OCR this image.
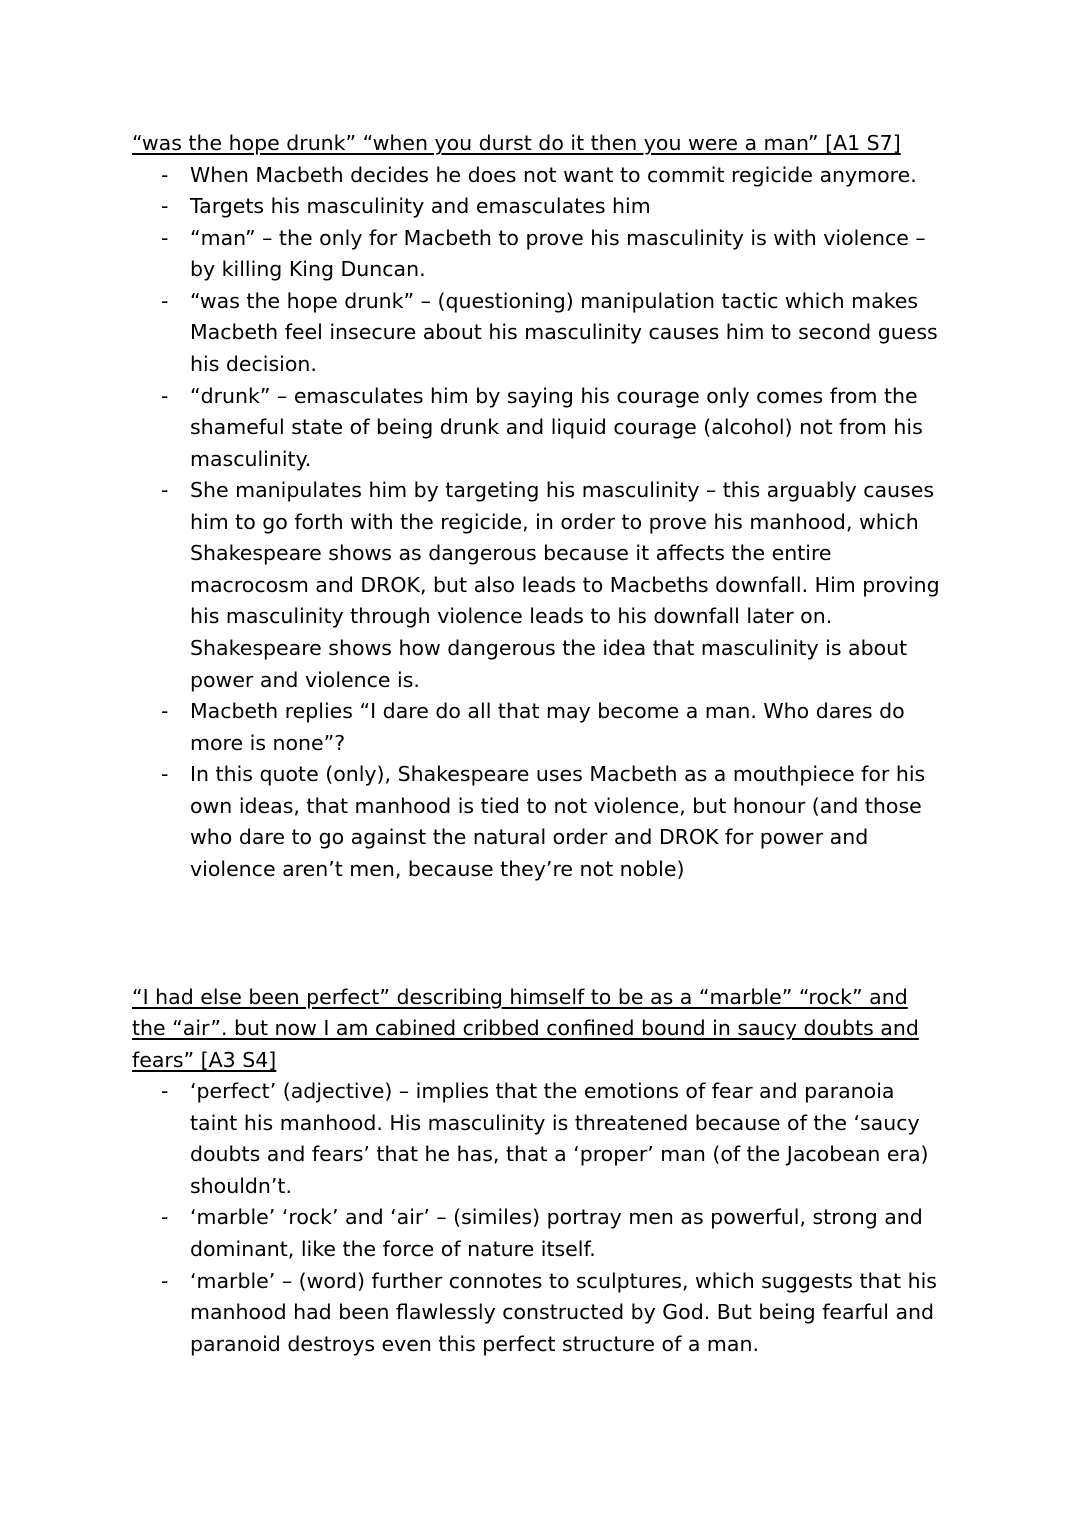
“was the hope drunk” “when you durst do it then you were a man” [A1 S7]

- When Macbeth decides he does not want to commit regicide anymore.
- Targets his masculinity and emasculates him
- “man” – the only for Macbeth to prove his masculinity is with violence – by killing King Duncan.
- “was the hope drunk” – (questioning) manipulation tactic which makes Macbeth feel insecure about his masculinity causes him to second guess his decision.
- “drunk” – emasculates him by saying his courage only comes from the shameful state of being drunk and liquid courage (alcohol) not from his masculinity.
- She manipulates him by targeting his masculinity – this arguably causes him to go forth with the regicide, in order to prove his manhood, which Shakespeare shows as dangerous because it affects the entire macrocosm and DROK, but also leads to Macbeths downfall. Him proving his masculinity through violence leads to his downfall later on. Shakespeare shows how dangerous the idea that masculinity is about power and violence is.
- Macbeth replies “I dare do all that may become a man. Who dares do more is none”?
- In this quote (only), Shakespeare uses Macbeth as a mouthpiece for his own ideas, that manhood is tied to not violence, but honour (and those who dare to go against the natural order and DROK for power and violence aren’t men, because they’re not noble)

“I had else been perfect” describing himself to be as a “marble” “rock” and the “air”. but now I am cabined cribbed confined bound in saucy doubts and fears” [A3 S4]

- ‘perfect’ (adjective) – implies that the emotions of fear and paranoia taint his manhood. His masculinity is threatened because of the ‘saucy doubts and fears’ that he has, that a ‘proper’ man (of the Jacobean era) shouldn’t.
- ‘marble’ ‘rock’ and ‘air’ – (similes) portray men as powerful, strong and dominant, like the force of nature itself.
- ‘marble’ – (word) further connotes to sculptures, which suggests that his manhood had been flawlessly constructed by God. But being fearful and paranoid destroys even this perfect structure of a man.
